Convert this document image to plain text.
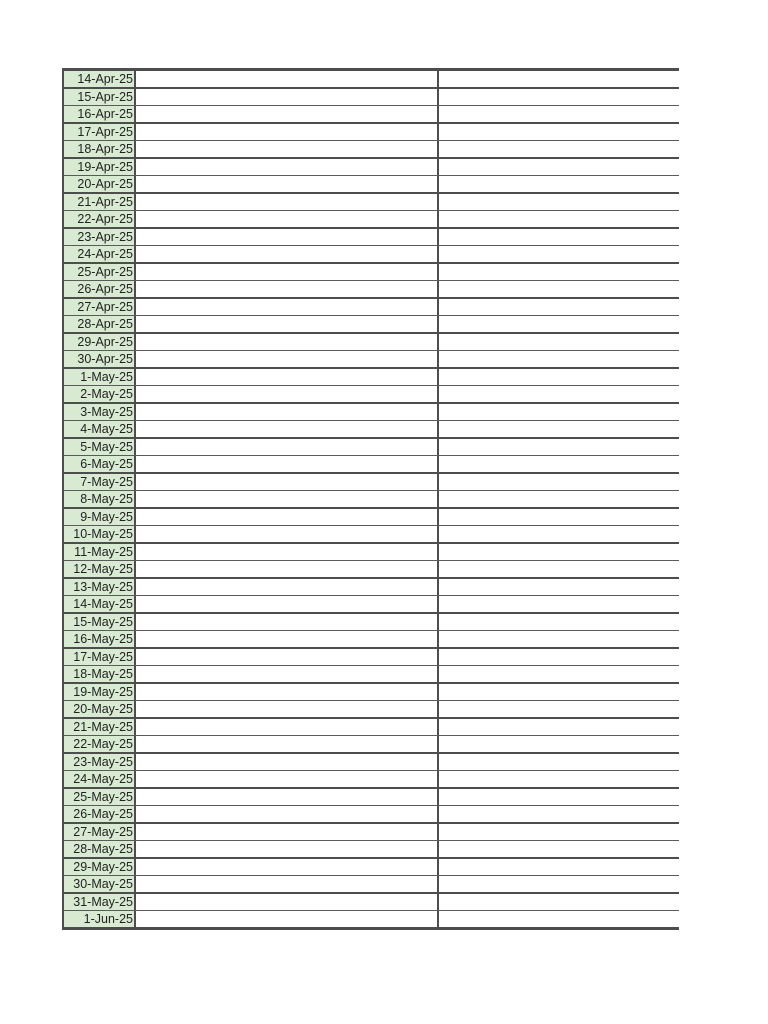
14-Apr-25
15-Apr-25
16-Apr-25
17-Apr-25
18-Apr-25
19-Apr-25
20-Apr-25
21-Apr-25
22-Apr-25
23-Apr-25
24-Apr-25
25-Apr-25
26-Apr-25
27-Apr-25
28-Apr-25
29-Apr-25
30-Apr-25
1-May-25
2-May-25
3-May-25
4-May-25
5-May-25
6-May-25
7-May-25
8-May-25
9-May-25
10-May-25
11-May-25
12-May-25
13-May-25
14-May-25
15-May-25
16-May-25
17-May-25
18-May-25
19-May-25
20-May-25
21-May-25
22-May-25
23-May-25
24-May-25
25-May-25
26-May-25
27-May-25
28-May-25
29-May-25
30-May-25
31-May-25
1-Jun-25
